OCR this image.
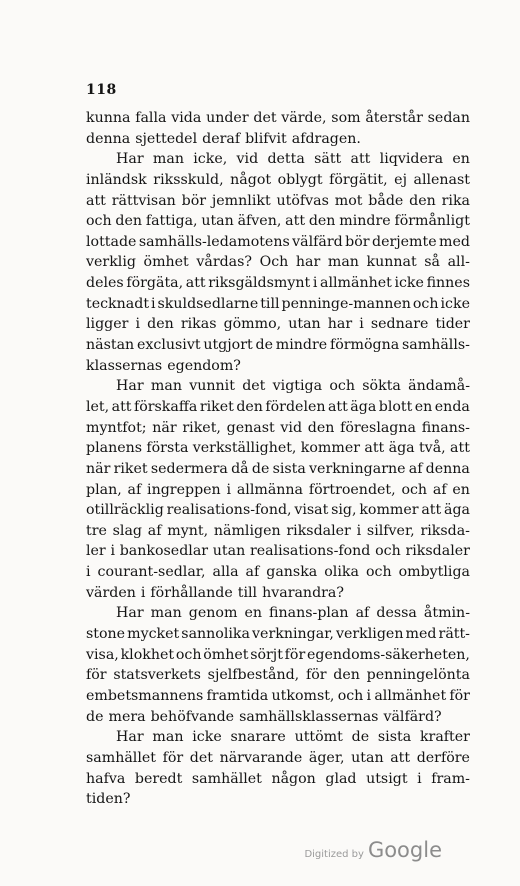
118
kunna falla vida under det värde, som återstår sedan
denna sjettedel deraf blifvit afdragen.
Har man icke, vid detta sätt att liqvidera en
inländsk riksskuld, något oblygt förgätit, ej allenast
att rättvisan bör jemnlikt utöfvas mot både den rika
och den fattiga, utan äfven, att den mindre förmånligt
lottade samhälls-ledamotens välfärd bör derjemte med
verklig ömhet vårdas? Och har man kunnat så all-
deles förgäta, att riksgäldsmynt i allmänhet icke finnes
tecknadt i skuldsedlarne till penninge-mannen och icke
ligger i den rikas gömmo, utan har i sednare tider
nästan exclusivt utgjort de mindre förmögna samhälls-
klassernas egendom?
Har man vunnit det vigtiga och sökta ändamå-
let, att förskaffa riket den fördelen att äga blott en enda
myntfot; när riket, genast vid den föreslagna finans-
planens första verkställighet, kommer att äga två, att
när riket sedermera då de sista verkningarne af denna
plan, af ingreppen i allmänna förtroendet, och af en
otillräcklig realisations-fond, visat sig, kommer att äga
tre slag af mynt, nämligen riksdaler i silfver, riksda-
ler i bankosedlar utan realisations-fond och riksdaler
i courant-sedlar, alla af ganska olika och ombytliga
värden i förhållande till hvarandra?
Har man genom en finans-plan af dessa åtmin-
stone mycket sannolika verkningar, verkligen med rätt-
visa, klokhet och ömhet sörjt för egendoms-säkerheten,
för statsverkets sjelfbestånd, för den penningelönta
embetsmannens framtida utkomst, och i allmänhet för
de mera behöfvande samhällsklassernas välfärd?
Har man icke snarare uttömt de sista krafter
samhället för det närvarande äger, utan att derföre
hafva beredt samhället någon glad utsigt i fram-
tiden?
Digitized by Google
